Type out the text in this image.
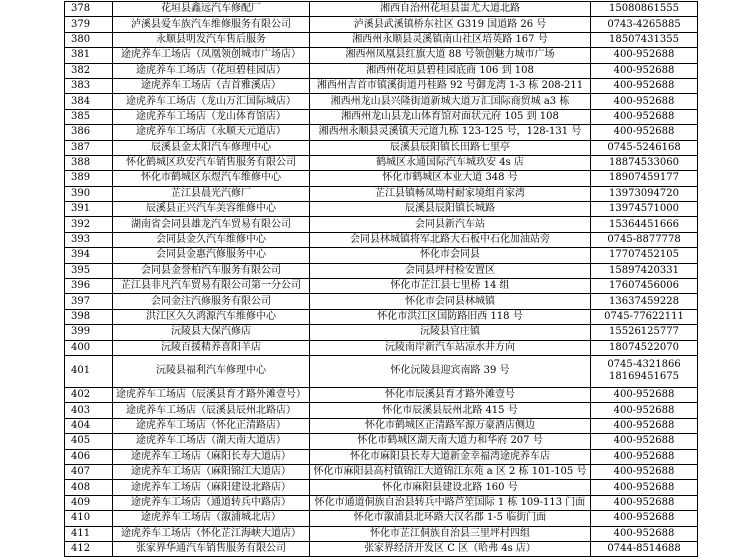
378	花垣县鑫远汽车修配厂	湘西自治州花垣县蚩尤大道北路	15080861555
379	泸溪县爱车族汽车维修服务有限公司	泸溪县武溪镇桥东社区 G319 国道路 26 号	0743-4265885
380	永顺县明发汽车售后服务	湘西州永顺县灵溪镇南山社区培英路 167 号	18507431355
381	途虎养车工场店（凤凰领创城市广场店）	湘西州凤凰县红旗大道 88 号领创魅力城市广场	400-952688
382	途虎养车工场店（花垣碧桂园店）	湘西州花垣县碧桂园底商 106 到 108	400-952688
383	途虎养车工场店（吉首雅溪店）	湘西州吉首市镇溪街道丹桂路 92 号御龙湾 1-3 栋 208-211	400-952688
384	途虎养车工场店（龙山万汇国际城店）	湘西州龙山县兴隆街道新城大道万汇国际商贸城 a3 栋	400-952688
385	途虎养车工场店（龙山体育馆店）	湘西州龙山县龙山体育馆对面状元府 105 到 108	400-952688
386	途虎养车工场店（永顺天元道店）	湘西州永顺县灵溪镇天元道九栋 123-125 号，128-131 号	400-952688
387	辰溪县金太阳汽车修理中心	辰溪县辰阳镇长田路七里亭	0745-5246168
388	怀化鹤城区玖安汽车销售服务有限公司	鹤城区永通国际汽车城玖安 4s 店	18874533060
389	怀化市鹤城区东煜汽车维修中心	怀化市鹤城区本业大道 348 号	18907459177
390	芷江县晨光汽修厂	芷江县镇畅凤坳村耐家境组肖家湾	13973094720
391	辰溪县正兴汽车美容维修中心	辰溪县辰阳镇长城路	13974571000
392	湖南省会同县雄龙汽车贸易有限公司	会同县新汽车站	15364451666
393	会同县金久汽车维修中心	会同县林城镇将军北路大石板中石化加油站旁	0745-8877778
394	会同县金惠汽修服务中心	怀化市会同县	17707452105
395	会同县金誉柏汽车服务有限公司	会同县坪村检安置区	15897420331
396	芷江县非凡汽车贸易有限公司第一分公司	怀化市芷江县七里桥 14 组	17607456006
397	会同金注汽修服务有限公司	怀化市会同县林城镇	13637459228
398	洪江区久久鸿源汽车维修中心	怀化市洪江区国防路旧西 118 号	0745-77622111
399	沅陵县大保汽修店	沅陵县官庄镇	15526125777
400	沅陵百援精养喜阳羊店	沅陵南岸新汽车站凉水井方向	18074522070
401	沅陵县福利汽车修理中心	怀化沅陵县迎宾南路 39 号	0745-4321866
18169451675
402	途虎养车工场店（辰溪县育才路外滩壹号）	怀化市辰溪县育才路外滩壹号	400-952688
403	途虎养车工场店（辰溪县辰州北路店）	怀化市辰溪县辰州北路 415 号	400-952688
404	途虎养车工场店（怀化正清路店）	怀化市鹤城区正清路军源万豪酒店侧边	400-952688
405	途虎养车工场店（湖天南大道店）	怀化市鹤城区湖天南大道力和华府 207 号	400-952688
406	途虎养车工场店（麻阳长寿大道店）	怀化市麻阳县长寿大道新金幸福湾途虎养车店	400-952688
407	途虎养车工场店（麻阳锦江大道店）	怀化市麻阳县高村镇锦江大道锦江东苑 a 区 2 栋 101-105 号	400-952688
408	途虎养车工场店（麻阳建设北路店）	怀化市麻阳县建设北路 160 号	400-952688
409	途虎养车工场店（通道转兵中路店）	怀化市通道侗族自治县转兵中路芦笙国际 1 栋 109-113 门面	400-952688
410	途虎养车工场店（溆浦城北店）	怀化市溆浦县北环路大汉名郡 1-5 临街门面	400-952688
411	途虎养车工场店（怀化芷江海峡大道店）	怀化市芷江侗族自治县三里坪村四组	400-952688
412	张家界华通汽车销售服务有限公司	张家界经济开发区 C 区（哈弗 4s 店）	0744-8514688
